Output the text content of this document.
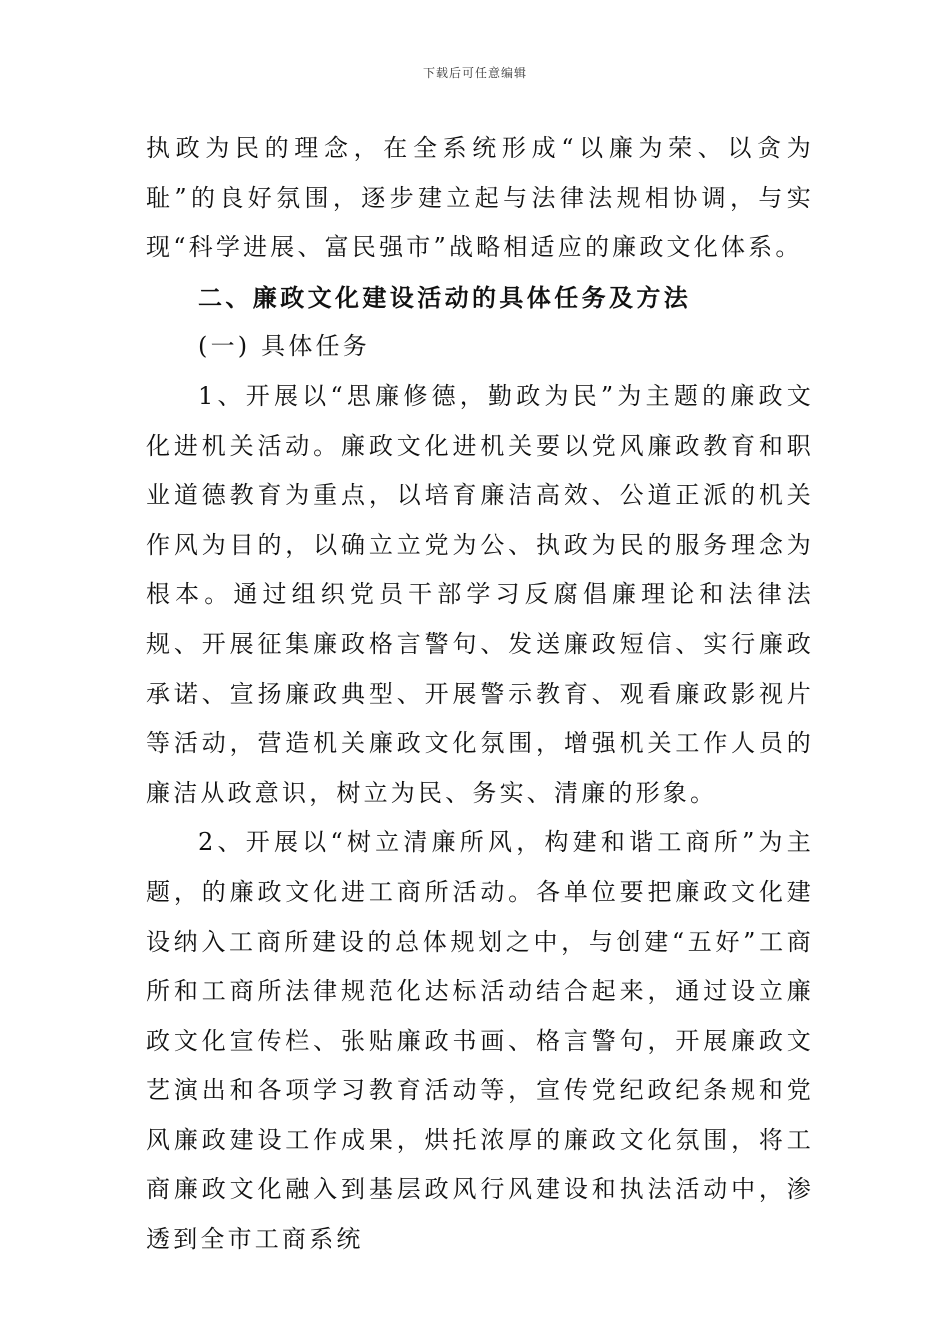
下载后可任意编辑

执政为民的理念，在全系统形成“以廉为荣、以贪为耻”的良好氛围，逐步建立起与法律法规相协调，与实现“科学进展、富民强市”战略相适应的廉政文化体系。

二、廉政文化建设活动的具体任务及方法

(一) 具体任务

1、开展以“思廉修德，勤政为民”为主题的廉政文化进机关活动。廉政文化进机关要以党风廉政教育和职业道德教育为重点，以培育廉洁高效、公道正派的机关作风为目的，以确立立党为公、执政为民的服务理念为根本。通过组织党员干部学习反腐倡廉理论和法律法规、开展征集廉政格言警句、发送廉政短信、实行廉政承诺、宣扬廉政典型、开展警示教育、观看廉政影视片等活动，营造机关廉政文化氛围，增强机关工作人员的廉洁从政意识，树立为民、务实、清廉的形象。

2、开展以“树立清廉所风，构建和谐工商所”为主题，的廉政文化进工商所活动。各单位要把廉政文化建设纳入工商所建设的总体规划之中，与创建“五好”工商所和工商所法律规范化达标活动结合起来，通过设立廉政文化宣传栏、张贴廉政书画、格言警句，开展廉政文艺演出和各项学习教育活动等，宣传党纪政纪条规和党风廉政建设工作成果，烘托浓厚的廉政文化氛围，将工商廉政文化融入到基层政风行风建设和执法活动中，渗透到全市工商系统
